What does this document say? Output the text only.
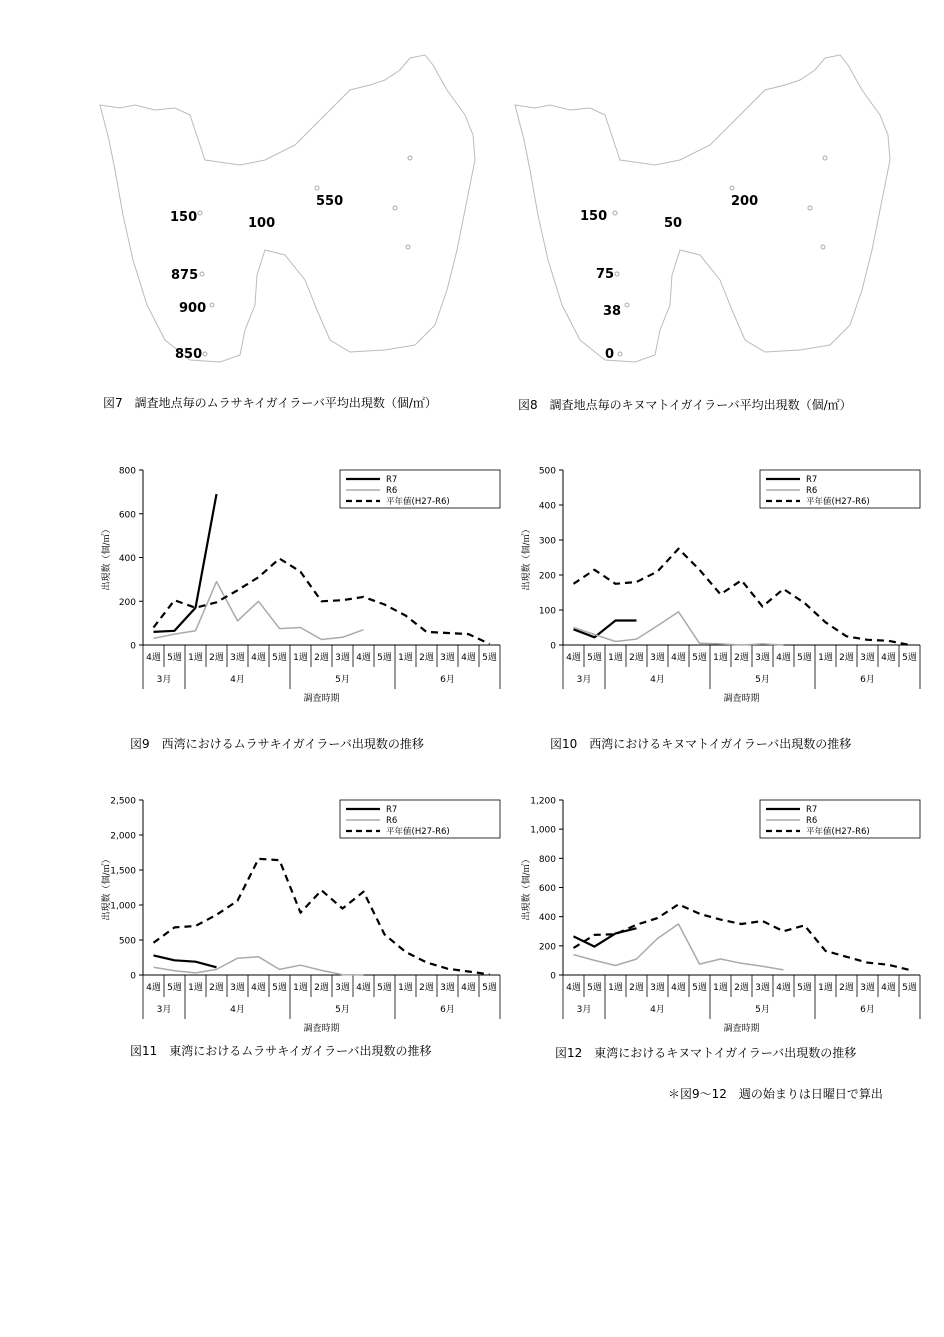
150	100
550
875
900
850
図7　調査地点毎のムラサキイガイラーバ平均出現数（個/㎡）
150	50
200
75
38
0
図8　調査地点毎のキヌマトイガイラーバ平均出現数（個/㎡）
0
200
400
600
800
出現数（個/㎥）
4週 5週 1週 2週 3週 4週 5週 1週 2週 3週 4週 5週 1週 2週 3週 4週 5週
3月	4月	5月	6月
調査時期
R7
R6
平年値(H27-R6)
図9　西湾におけるムラサキイガイラーバ出現数の推移
0
100
200
300
400
500
出現数（個/㎥）
4週 5週 1週 2週 3週 4週 5週 1週 2週 3週 4週 5週 1週 2週 3週 4週 5週
3月	4月	5月	6月
調査時期
R7
R6
平年値(H27-R6)
図10　西湾におけるキヌマトイガイラーバ出現数の推移
0
500
1,000
1,500
2,000
2,500
出現数（個/㎥）
4週 5週 1週 2週 3週 4週 5週 1週 2週 3週 4週 5週 1週 2週 3週 4週 5週
3月	4月	5月	6月
調査時期
R7
R6
平年値(H27-R6)
図11　東湾におけるムラサキイガイラーバ出現数の推移
0
200
400
600
800
1,000
1,200
出現数（個/㎥）
4週 5週 1週 2週 3週 4週 5週 1週 2週 3週 4週 5週 1週 2週 3週 4週 5週
3月	4月	5月	6月
調査時期
R7
R6
平年値(H27-R6)
図12　東湾におけるキヌマトイガイラーバ出現数の推移
＊図9〜12　週の始まりは日曜日で算出
